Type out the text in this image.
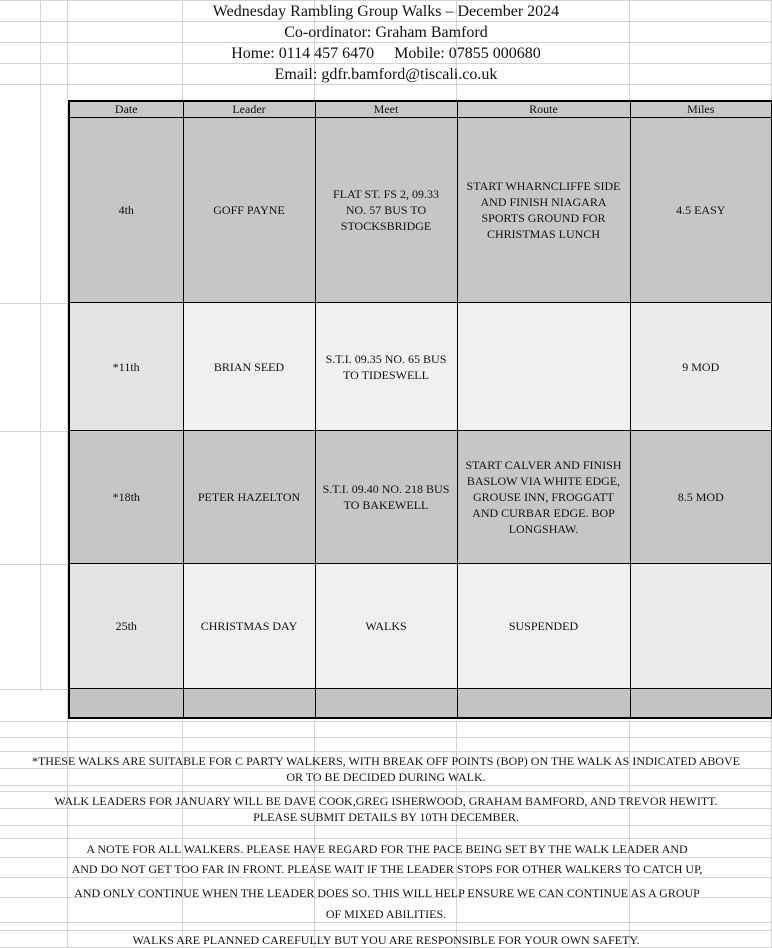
Wednesday Rambling Group Walks – December 2024
Co-ordinator: Graham Bamford
Home: 0114 457 6470     Mobile: 07855 000680
Email: gdfr.bamford@tiscali.co.uk
Date	Leader	Meet	Route	Miles
4th	GOFF PAYNE	FLAT ST. FS 2, 09.33 NO. 57 BUS TO STOCKSBRIDGE	START WHARNCLIFFE SIDE AND FINISH NIAGARA SPORTS GROUND FOR CHRISTMAS LUNCH	4.5 EASY
*11th	BRIAN SEED	S.T.I. 09.35 NO. 65 BUS TO TIDESWELL		9 MOD
*18th	PETER HAZELTON	S.T.I. 09.40 NO. 218 BUS TO BAKEWELL	START CALVER AND FINISH BASLOW VIA WHITE EDGE, GROUSE INN, FROGGATT AND CURBAR EDGE. BOP LONGSHAW.	8.5 MOD
25th	CHRISTMAS DAY	WALKS	SUSPENDED	

*THESE WALKS ARE SUITABLE FOR C PARTY WALKERS, WITH BREAK OFF POINTS (BOP) ON THE WALK AS INDICATED ABOVE
OR TO BE DECIDED DURING WALK.
WALK LEADERS FOR JANUARY WILL BE DAVE COOK,GREG ISHERWOOD, GRAHAM BAMFORD, AND TREVOR HEWITT.
PLEASE SUBMIT DETAILS BY 10TH DECEMBER.
A NOTE FOR ALL WALKERS. PLEASE HAVE REGARD FOR THE PACE BEING SET BY THE WALK LEADER AND
AND DO NOT GET TOO FAR IN FRONT. PLEASE WAIT IF THE LEADER STOPS FOR OTHER WALKERS TO CATCH UP,
AND ONLY CONTINUE WHEN THE LEADER DOES SO. THIS WILL HELP ENSURE WE CAN CONTINUE AS A GROUP
OF MIXED ABILITIES.
WALKS ARE PLANNED CAREFULLY BUT YOU ARE RESPONSIBLE FOR YOUR OWN SAFETY.
